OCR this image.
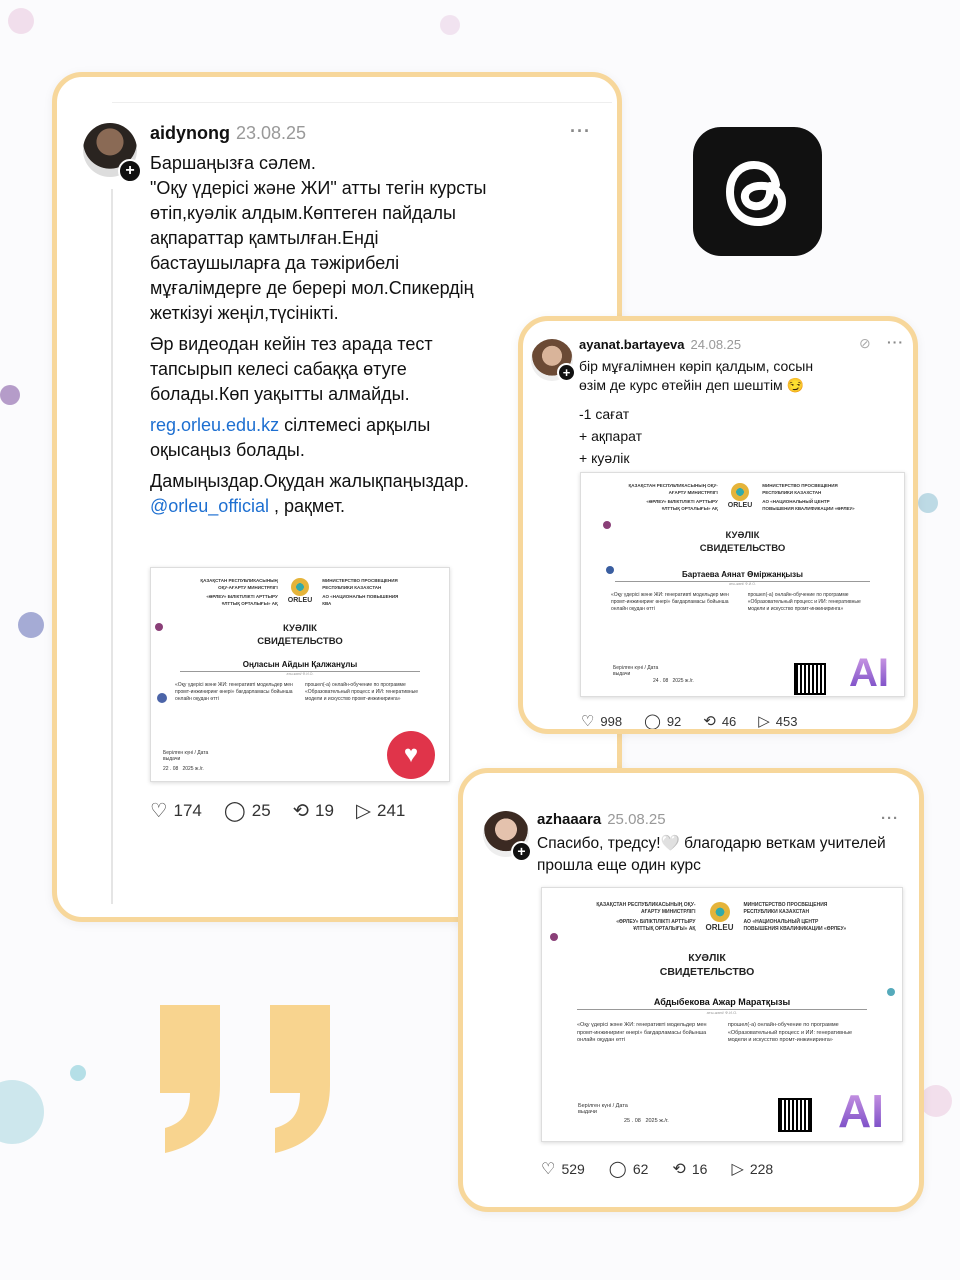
+
aidynong 23.08.25	···

Баршаңызға сәлем.

"Оқу үдерісі және ЖИ" атты тегін курсты өтіп,куәлік алдым.Көптеген пайдалы ақпараттар қамтылған.Енді бастаушыларға да тәжірибелі мұғалімдерге де берері мол.Спикердің жеткізуі жеңіл,түсінікті.

Әр видеодан кейін тез арада тест тапсырып келесі сабаққа өтуге болады.Көп уақытты алмайды.

reg.orleu.edu.kz сілтемесі арқылы оқысаңыз болады.

Дамыңыздар.Оқудан жалықпаңыздар.

@orleu_official , рақмет.

ҚАЗАҚСТАН РЕСПУБЛИКАСЫНЫҢ ОҚУ-АҒАРТУ МИНИСТРЛІГІ
«ӨРЛЕУ» БІЛІКТІЛІКТІ АРТТЫРУ ҰЛТТЫҚ ОРТАЛЫҒЫ» АҚ ORLEU
МИНИСТЕРСТВО ПРОСВЕЩЕНИЯ РЕСПУБЛИКИ КАЗАХСТАН
АО «НАЦИОНАЛЬН ПОВЫШЕНИЯ КВА
КУӘЛІК
СВИДЕТЕЛЬСТВО
Оңласын Айдын Қалжанұлы
аты-жөні/ Ф.И.О.
«Оқу үдерісі және ЖИ: генеративті модельдер мен промт-инжиниринг өнері» бағдарламасы бойынша онлайн оқудан өтті
прошел(-а) онлайн-обучение по программе «Образовательный процесс и ИИ: генеративные модели и искусство промт-инжиниринга»
Берілген күні / Дата выдачи
22 . 08 2025 ж./г.
♥
♡ 174 ◯ 25 ⟲ 19 ▷ 241
+
ayanat.bartayeva 24.08.25	⊘ ···

бір мұғалімнен көріп қалдым, сосын өзім де курс өтейін деп шештім 😏

-1 сағат

+ ақпарат

+ куәлік

ҚАЗАҚСТАН РЕСПУБЛИКАСЫНЫҢ ОҚУ-АҒАРТУ МИНИСТРЛІГІ
«ӨРЛЕУ» БІЛІКТІЛІКТІ АРТТЫРУ ҰЛТТЫҚ ОРТАЛЫҒЫ» АҚ ORLEU
МИНИСТЕРСТВО ПРОСВЕЩЕНИЯ РЕСПУБЛИКИ КАЗАХСТАН
АО «НАЦИОНАЛЬНЫЙ ЦЕНТР ПОВЫШЕНИЯ КВАЛИФИКАЦИИ «ӨРЛЕУ»
КУӘЛІК
СВИДЕТЕЛЬСТВО
Бартаева Аянат Өміржанқызы
аты-жөні/ Ф.И.О.
«Оқу үдерісі және ЖИ: генеративті модельдер мен промт-инжиниринг өнері» бағдарламасы бойынша онлайн оқудан өтті
прошел(-а) онлайн-обучение по программе «Образовательный процесс и ИИ: генеративные модели и искусство промт-инжиниринга»
Берілген күні / Дата выдачи
24 . 08 2025 ж./г.	AI
♡ 998 ◯ 92 ⟲ 46 ▷ 453
+
azhaaara 25.08.25	···
Спасибо, тредсу!🤍 благодарю веткам учителей прошла еще один курс
ҚАЗАҚСТАН РЕСПУБЛИКАСЫНЫҢ ОҚУ-АҒАРТУ МИНИСТРЛІГІ
«ӨРЛЕУ» БІЛІКТІЛІКТІ АРТТЫРУ ҰЛТТЫҚ ОРТАЛЫҒЫ» АҚ ORLEU
МИНИСТЕРСТВО ПРОСВЕЩЕНИЯ РЕСПУБЛИКИ КАЗАХСТАН
АО «НАЦИОНАЛЬНЫЙ ЦЕНТР ПОВЫШЕНИЯ КВАЛИФИКАЦИИ «ӨРЛЕУ»
КУӘЛІК
СВИДЕТЕЛЬСТВО
Абдыбекова Ажар Маратқызы
аты-жөні/ Ф.И.О.
«Оқу үдерісі және ЖИ: генеративті модельдер мен промт-инжиниринг өнері» бағдарламасы бойынша онлайн оқудан өтті
прошел(-а) онлайн-обучение по программе «Образовательный процесс и ИИ: генеративные модели и искусство промт-инжиниринга»
Берілген күні / Дата выдачи
25 . 08 2025 ж./г.	AI
♡ 529 ◯ 62 ⟲ 16 ▷ 228
